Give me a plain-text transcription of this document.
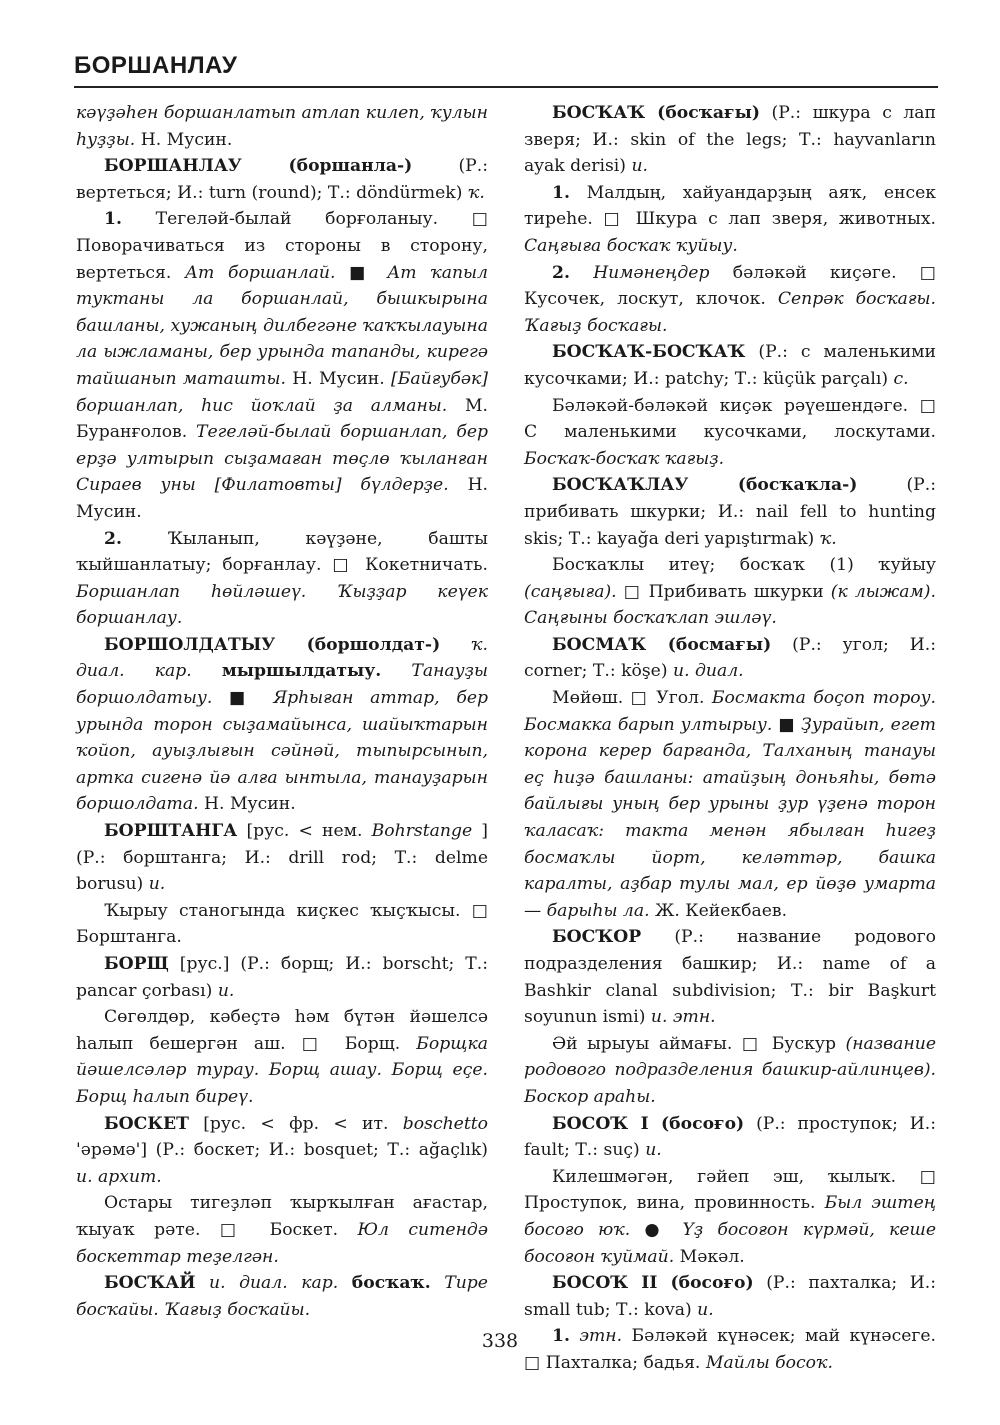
БОРШАНЛАУ

кәүҙәһен боршанлатып атлап килеп, ҡулын һуҙҙы. Н. Мусин.

БОРШАНЛАУ (боршанла-)	(Р.: вертеться; И.: turn (round); Т.: döndürmek) ҡ.

1. Тегеләй-былай борғоланыу. □ Поворачиваться из стороны в сторону, вертеться. Ат боршанлай. ■ Ат ҡапыл туктаны ла боршанлай, бышкырына башланы, хужаның дилбегәне ҡаҡҡылауына ла ыжламаны, бер урында тапанды, кирегә тайшанып маташты. Н. Мусин. [Байғубәк] боршанлап, һис йоҡлай ҙа алманы. М. Буранғолов. Тегеләй-былай боршанлап, бер ерҙә ултырып сыҙамаған төҫлө ҡыланған Сираев уны [Филатовты] бүлдерҙе. Н. Мусин.

2.	Ҡыланып, кәүҙәне, башты ҡыйшанлатыу; борғанлау. □ Кокетничать. Боршанлап һөйләшеү. Ҡыҙҙар кеүек боршанлау.

БОРШОЛДАТЫУ (боршолдат-) ҡ. диал. кар. мыршылдатыу. Танауҙы боршолдатыу. ■ Ярһыған аттар, бер урында торон сыҙамайынса, шайыҡтарын ҡойоп, ауыҙлығын сәйнәй, тыпырсынып, артка сигенә йә алға ынтыла, танауҙарын боршолдата. Н. Мусин.

БОРШТАНГА [рус. < нем. Bohrstange ] (Р.: борштанга; И.: drill rod; Т.: delme borusu) и.

Ҡырыу станогында киҫкес ҡыҫҡысы. □ Борштанга.

БОРЩ [рус.] (Р.: борщ; И.: borscht; Т.: pancar çorbası) и.

Сөгөлдөр, кәбеҫтә һәм бүтән йәшелсә һалып бешергән аш. □ Борщ. Борщка йәшелсәләр турау. Борщ ашау. Борщ еҫе. Борщ һалып биреү.

БОСКЕТ [рус. < фр. < ит. boschetto 'әрәмә'] (Р.: боскет; И.: bosquet; Т.: ağaçlık) и. архит.

Остары тигеҙләп ҡырҡылған ағастар, ҡыуаҡ рәте. □ Боскет. Юл ситендә боскеттар теҙелгән.

БОСҠАЙ и. диал. кар. босҡаҡ. Тире босҡайы. Ҡағыҙ босҡайы.

БОСҠАҠ (босҡағы) (Р.: шкура с лап зверя; И.: skin of the legs; Т.: hayvanların ayak derisi) и.

1. Малдың, хайуандарҙың аяҡ, енсек тиреһе. □ Шкура с лап зверя, животных. Саңғыға босҡаҡ ҡуйыу.

2. Нимәнеңдер бәләкәй киҫәге. □ Кусочек, лоскут, клочок. Сепрәк босҡағы. Ҡағыҙ босҡағы.

БОСҠАҠ-БОСҠАҠ (Р.: с маленькими кусочками; И.: patchy; Т.: küçük parçalı) с.

Бәләкәй-бәләкәй киҫәк рәүешендәге. □ С маленькими кусочками, лоскутами. Босҡаҡ-босҡаҡ ҡағыҙ.

БОСҠАҠЛАУ (босҡаҡла-)	(Р.: прибивать шкурки; И.: nail fell to hunting skis; Т.: kayağa deri yapıştırmak) ҡ.

Босҡаҡлы итеү; босҡаҡ (1) ҡуйыу (саңғыға). □ Прибивать шкурки (к лыжам). Саңғыны босҡаҡлап эшләү.

БОСМАҠ (босмағы) (Р.: угол; И.: corner; Т.: köşe) и. диал.

Мөйөш. □ Угол. Босмакта боҫоп тороу. Босмакка барып ултырыу. ■ Ҙурайып, егет корона керер барғанда, Талханың танауы еҫ һиҙә башланы: атайҙың доньяһы, бөтә байлығы уның бер урыны ҙур үҙенә торон ҡаласаҡ: такта менән ябылған һигеҙ босмаҡлы йорт, келәттәр, башка каралты, аҙбар тулы мал, ер йөҙө умарта — барыһы ла. Ж. Кейекбаев.

БОСҠОР (Р.: название родового подразделения башкир; И.: name of a Bashkir clanal subdivision; Т.: bir Başkurt soyunun ismi) и. этн.

Әй ырыуы аймағы. □ Бускур (название родового подразделения башкир-айлинцев). Боскор араһы.

БОСОҠ I (босоғо) (Р.: проступок; И.: fault; Т.: suç) и.

Килешмәгән, гәйеп эш, ҡылыҡ. □ Проступок, вина, провинность. Был эштең босоғо юҡ. ● Үҙ босоғон күрмәй, кеше босоғон ҡуймай. Мәкәл.

БОСОҠ II (босоғо) (Р.: пахталка; И.: small tub; Т.: kova) и.

1. этн. Бәләкәй күнәсек; май күнәсеге. □ Пахталка; бадья. Майлы босоҡ.

338
